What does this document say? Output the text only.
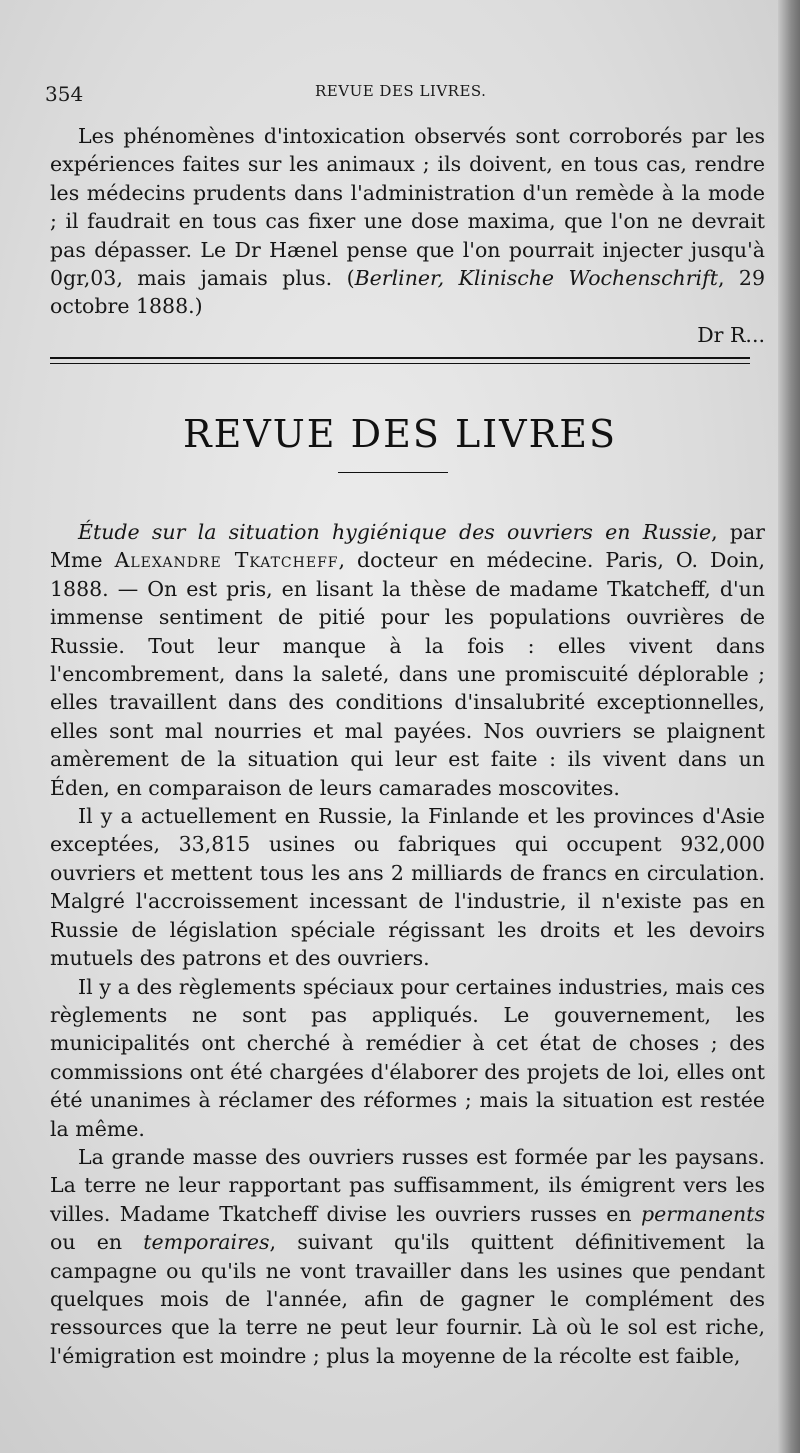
354	REVUE DES LIVRES.

Les phénomènes d'intoxication observés sont corroborés par les expériences faites sur les animaux ; ils doivent, en tous cas, rendre les médecins prudents dans l'administration d'un remède à la mode ; il faudrait en tous cas fixer une dose maxima, que l'on ne devrait pas dépasser. Le Dr Hænel pense que l'on pourrait injecter jusqu'à 0gr,03, mais jamais plus. (Berliner, Klinische Wochenschrift, 29 octobre 1888.)

Dr R...

REVUE DES LIVRES

Étude sur la situation hygiénique des ouvriers en Russie, par Mme Alexandre Tkatcheff, docteur en médecine. Paris, O. Doin, 1888. — On est pris, en lisant la thèse de madame Tkatcheff, d'un immense sentiment de pitié pour les populations ouvrières de Russie. Tout leur manque à la fois : elles vivent dans l'encombrement, dans la saleté, dans une promiscuité déplorable ; elles travaillent dans des conditions d'insalubrité exceptionnelles, elles sont mal nourries et mal payées. Nos ouvriers se plaignent amèrement de la situation qui leur est faite : ils vivent dans un Éden, en comparaison de leurs camarades moscovites.

Il y a actuellement en Russie, la Finlande et les provinces d'Asie exceptées, 33,815 usines ou fabriques qui occupent 932,000 ouvriers et mettent tous les ans 2 milliards de francs en circulation. Malgré l'accroissement incessant de l'industrie, il n'existe pas en Russie de législation spéciale régissant les droits et les devoirs mutuels des patrons et des ouvriers.

Il y a des règlements spéciaux pour certaines industries, mais ces règlements ne sont pas appliqués. Le gouvernement, les municipalités ont cherché à remédier à cet état de choses ; des commissions ont été chargées d'élaborer des projets de loi, elles ont été unanimes à réclamer des réformes ; mais la situation est restée la même.

La grande masse des ouvriers russes est formée par les paysans. La terre ne leur rapportant pas suffisamment, ils émigrent vers les villes. Madame Tkatcheff divise les ouvriers russes en permanents ou en temporaires, suivant qu'ils quittent définitivement la campagne ou qu'ils ne vont travailler dans les usines que pendant quelques mois de l'année, afin de gagner le complément des ressources que la terre ne peut leur fournir. Là où le sol est riche, l'émigration est moindre ; plus la moyenne de la récolte est faible,
